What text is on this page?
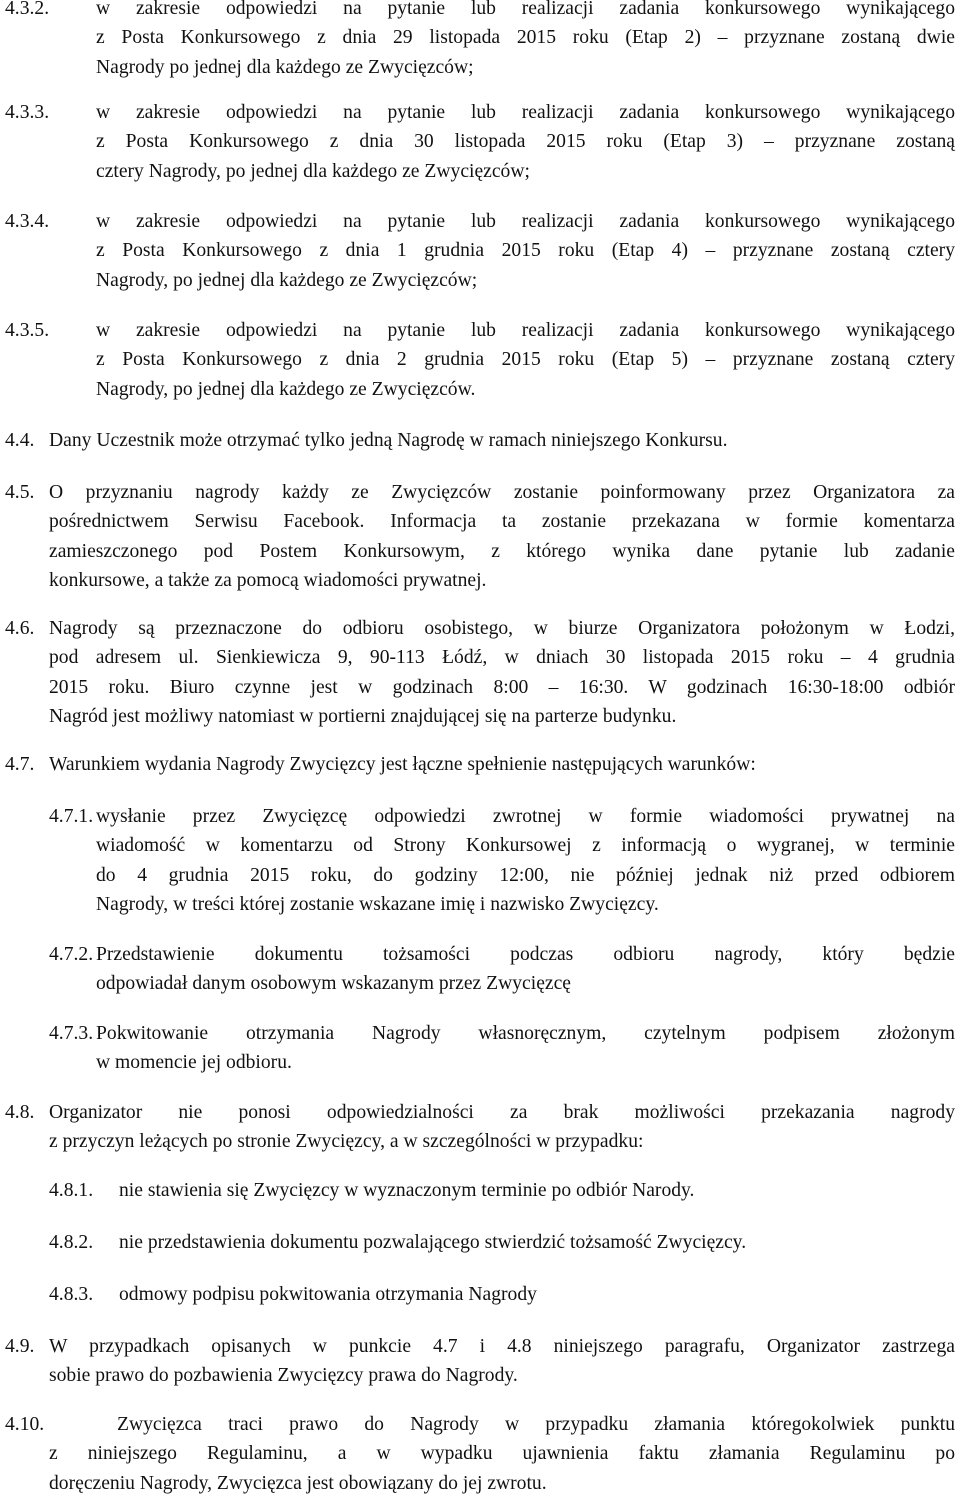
4.3.2. w zakresie odpowiedzi na pytanie lub realizacji zadania konkursowego wynikającego
z Posta Konkursowego z dnia 29 listopada 2015 roku (Etap 2) – przyznane zostaną dwie
Nagrody po jednej dla każdego ze Zwycięzców;
4.3.3. w zakresie odpowiedzi na pytanie lub realizacji zadania konkursowego wynikającego
z Posta Konkursowego z dnia 30 listopada 2015 roku (Etap 3) – przyznane zostaną
cztery Nagrody, po jednej dla każdego ze Zwycięzców;
4.3.4. w zakresie odpowiedzi na pytanie lub realizacji zadania konkursowego wynikającego
z Posta Konkursowego z dnia 1 grudnia 2015 roku (Etap 4) – przyznane zostaną cztery
Nagrody, po jednej dla każdego ze Zwycięzców;
4.3.5. w zakresie odpowiedzi na pytanie lub realizacji zadania konkursowego wynikającego
z Posta Konkursowego z dnia 2 grudnia 2015 roku (Etap 5) – przyznane zostaną cztery
Nagrody, po jednej dla każdego ze Zwycięzców.
4.4. Dany Uczestnik może otrzymać tylko jedną Nagrodę w ramach niniejszego Konkursu.
4.5. O przyznaniu nagrody każdy ze Zwycięzców zostanie poinformowany przez Organizatora za
pośrednictwem Serwisu Facebook. Informacja ta zostanie przekazana w formie komentarza
zamieszczonego pod Postem Konkursowym, z którego wynika dane pytanie lub zadanie
konkursowe, a także za pomocą wiadomości prywatnej.
4.6. Nagrody są przeznaczone do odbioru osobistego, w biurze Organizatora położonym w Łodzi,
pod adresem ul. Sienkiewicza 9, 90-113 Łódź, w dniach 30 listopada 2015 roku – 4 grudnia
2015 roku. Biuro czynne jest w godzinach 8:00 – 16:30. W godzinach 16:30-18:00 odbiór
Nagród jest możliwy natomiast w portierni znajdującej się na parterze budynku.
4.7. Warunkiem wydania Nagrody Zwycięzcy jest łączne spełnienie następujących warunków:
4.7.1. wysłanie przez Zwycięzcę odpowiedzi zwrotnej w formie wiadomości prywatnej na
wiadomość w komentarzu od Strony Konkursowej z informacją o wygranej, w terminie
do 4 grudnia 2015 roku, do godziny 12:00, nie później jednak niż przed odbiorem
Nagrody, w treści której zostanie wskazane imię i nazwisko Zwycięzcy.
4.7.2. Przedstawienie dokumentu tożsamości podczas odbioru nagrody, który będzie
odpowiadał danym osobowym wskazanym przez Zwycięzcę
4.7.3. Pokwitowanie otrzymania Nagrody własnoręcznym, czytelnym podpisem złożonym
w momencie jej odbioru.
4.8. Organizator nie ponosi odpowiedzialności za brak możliwości przekazania nagrody
z przyczyn leżących po stronie Zwycięzcy, a w szczególności w przypadku:
4.8.1. nie stawienia się Zwycięzcy w wyznaczonym terminie po odbiór Narody.
4.8.2. nie przedstawienia dokumentu pozwalającego stwierdzić tożsamość Zwycięzcy.
4.8.3. odmowy podpisu pokwitowania otrzymania Nagrody
4.9. W przypadkach opisanych w punkcie 4.7 i 4.8 niniejszego paragrafu, Organizator zastrzega
sobie prawo do pozbawienia Zwycięzcy prawa do Nagrody.
4.10.	Zwycięzca traci prawo do Nagrody w przypadku złamania któregokolwiek punktu
z niniejszego Regulaminu, a w wypadku ujawnienia faktu złamania Regulaminu po
doręczeniu Nagrody, Zwycięzca jest obowiązany do jej zwrotu.
